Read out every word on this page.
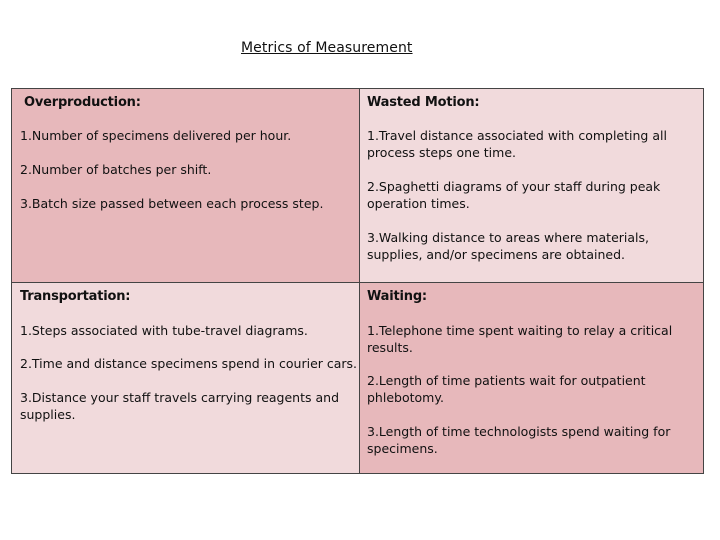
Metrics of Measurement
Overproduction:
1.Number of specimens delivered per hour.
2.Number of batches per shift.
3.Batch size passed between each process step.
Wasted Motion:
1.Travel distance associated with completing all process steps one time.
2.Spaghetti diagrams of your staff during peak operation times.
3.Walking distance to areas where materials, supplies, and/or specimens are obtained.
Transportation:
1.Steps associated with tube-travel diagrams.
2.Time and distance specimens spend in courier cars.
3.Distance your staff travels carrying reagents and supplies.
Waiting:
1.Telephone time spent waiting to relay a critical results.
2.Length of time patients wait for outpatient phlebotomy.
3.Length of time technologists spend waiting for specimens.
